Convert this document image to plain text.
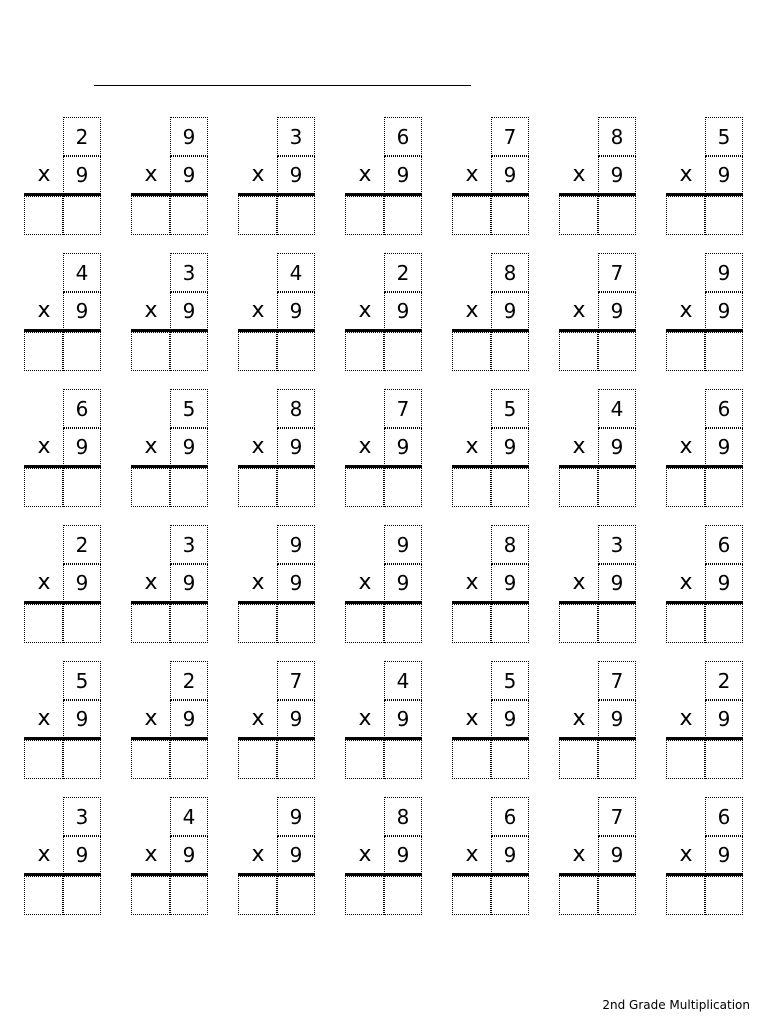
2
x	9
9
x	9
3
x	9
6
x	9
7
x	9
8
x	9
5
x	9
4
x	9
3
x	9
4
x	9
2
x	9
8
x	9
7
x	9
9
x	9
6
x	9
5
x	9
8
x	9
7
x	9
5
x	9
4
x	9
6
x	9
2
x	9
3
x	9
9
x	9
9
x	9
8
x	9
3
x	9
6
x	9
5
x	9
2
x	9
7
x	9
4
x	9
5
x	9
7
x	9
2
x	9
3
x	9
4
x	9
9
x	9
8
x	9
6
x	9
7
x	9
6
x	9
2nd Grade Multiplication
